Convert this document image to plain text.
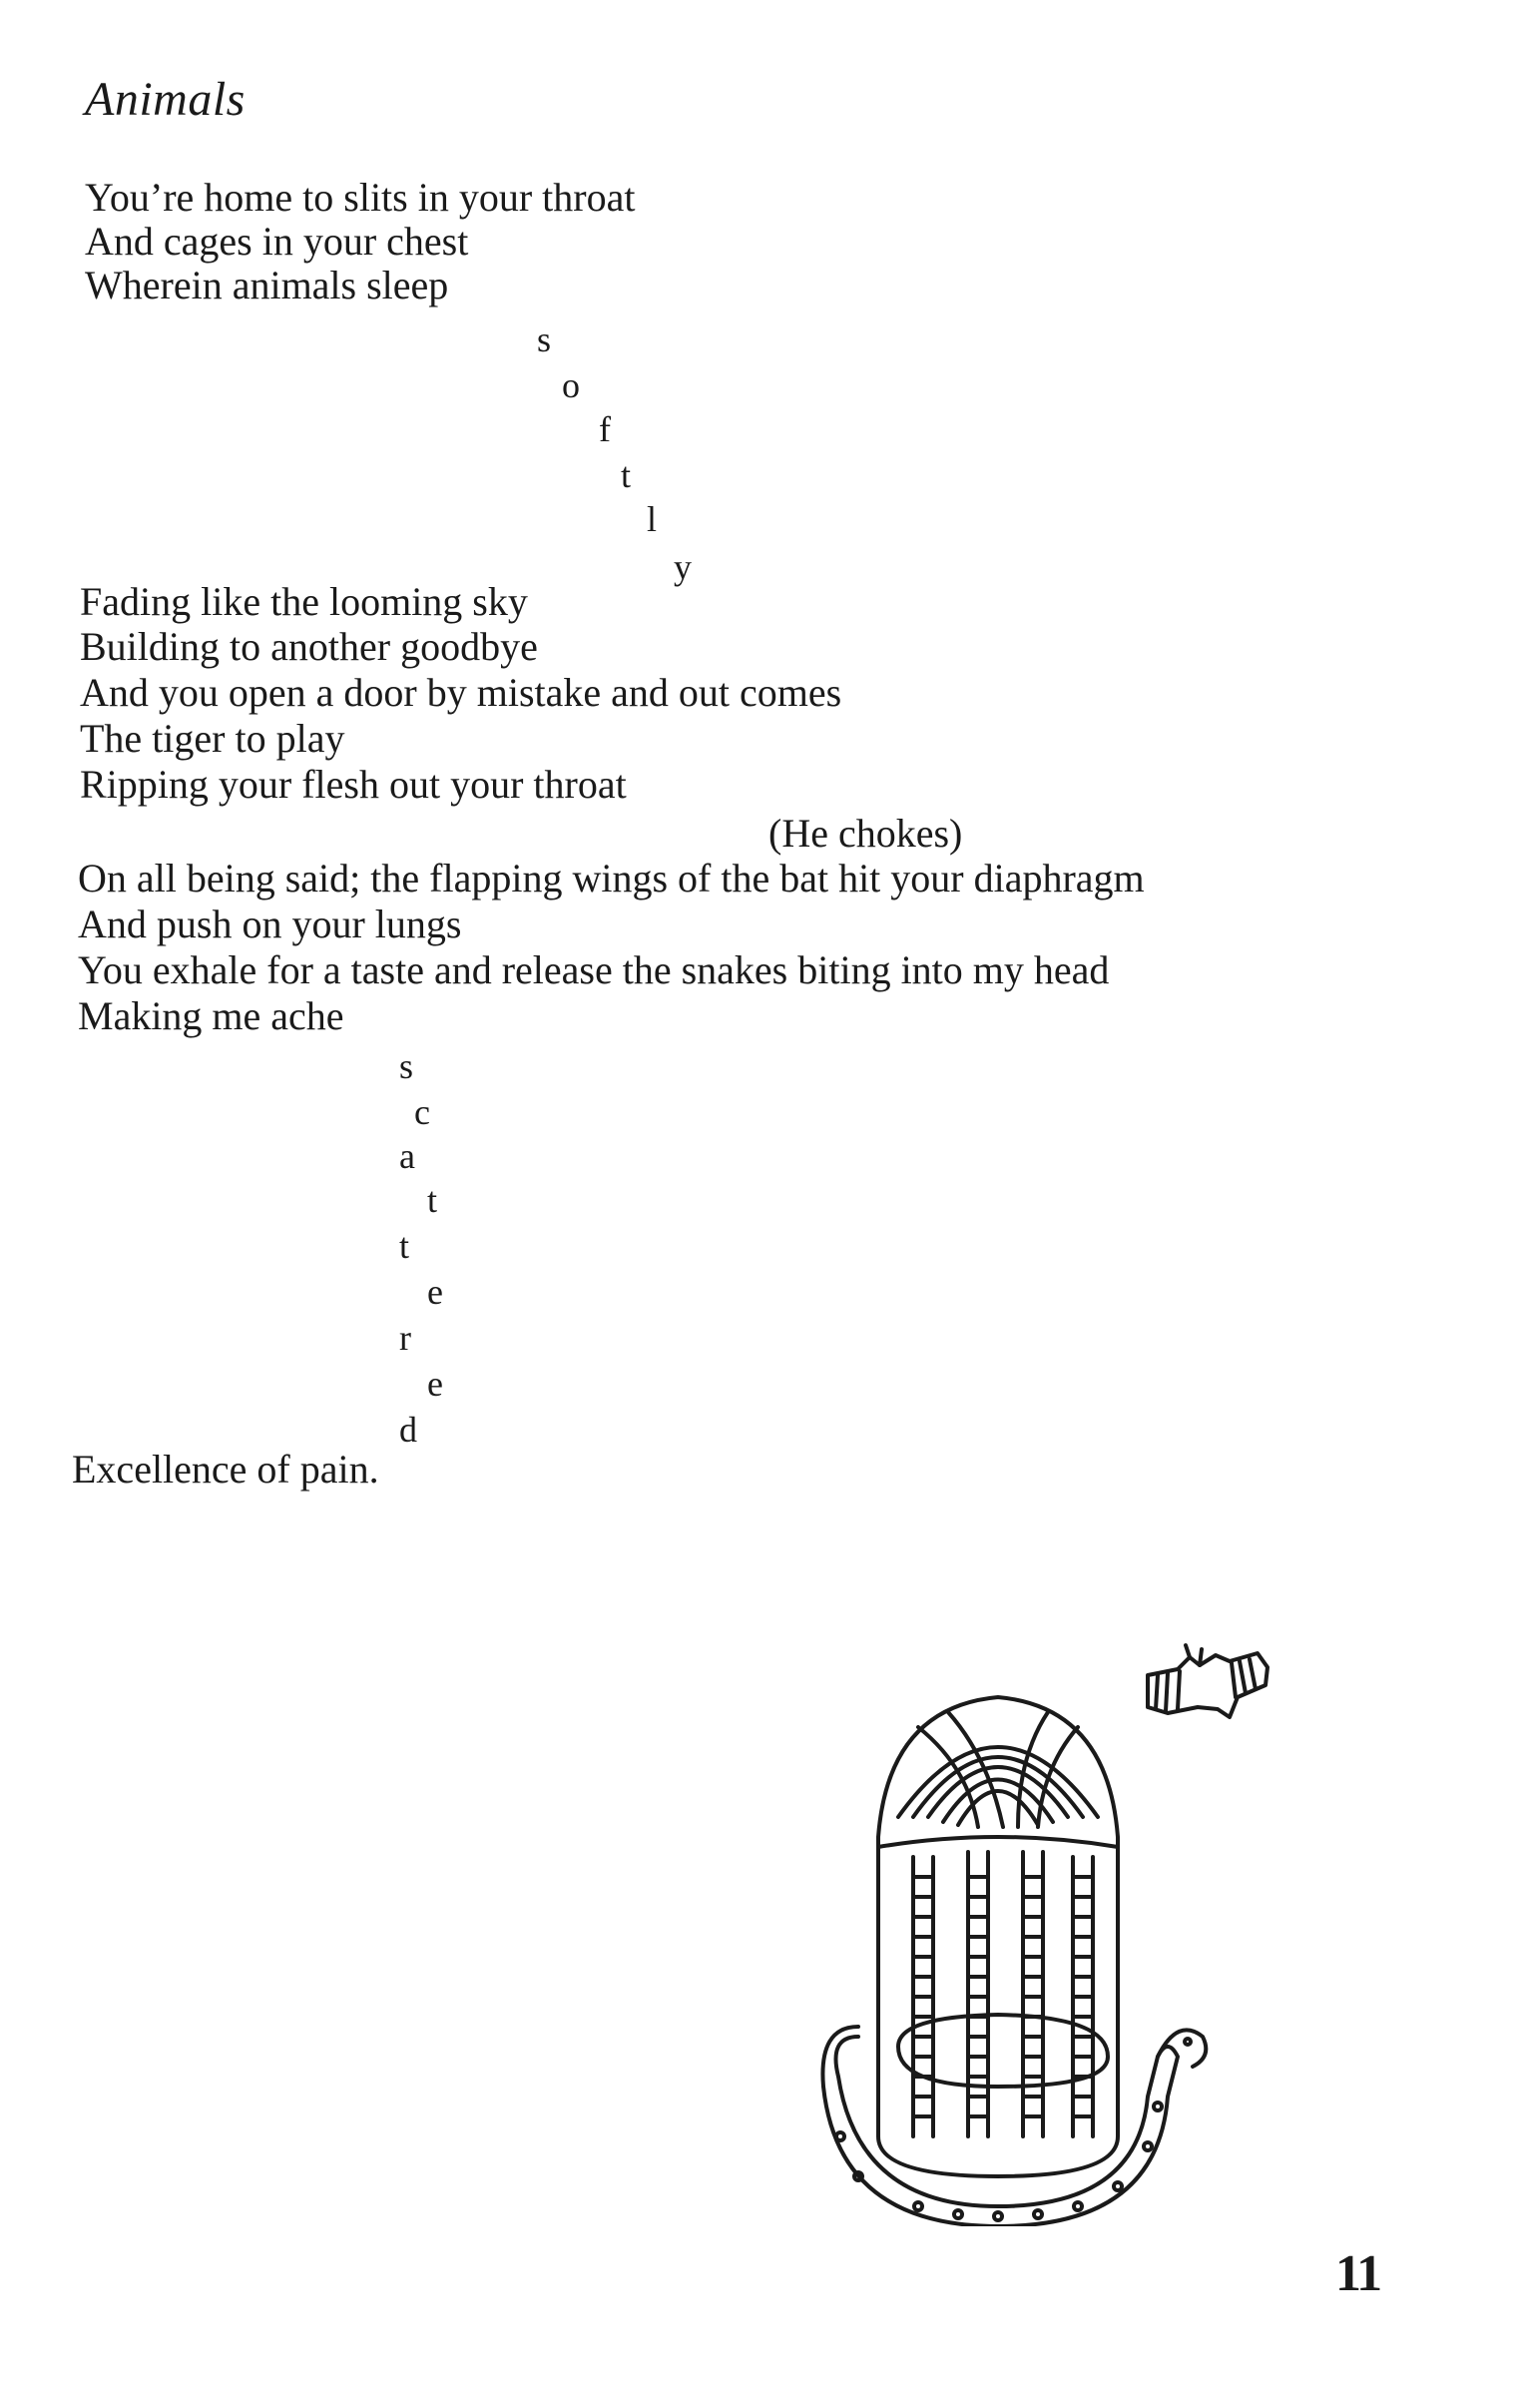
Animals
You’re home to slits in your throat
And cages in your chest
Wherein animals sleep
s
o
f
t
l
y
Fading like the looming sky
Building to another goodbye
And you open a door by mistake and out comes
The tiger to play
Ripping your flesh out your throat
(He chokes)
On all being said; the flapping wings of the bat hit your diaphragm
And push on your lungs
You exhale for a taste and release the snakes biting into my head
Making me ache
s
c
a
t
t
e
r
e
d
Excellence of pain.
11
